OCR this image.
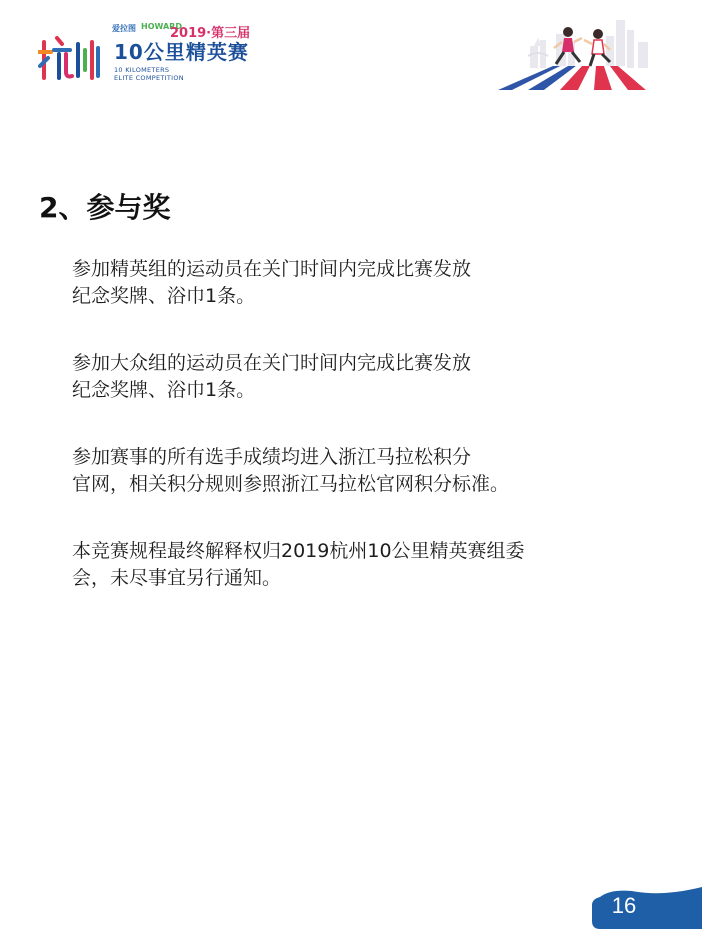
爱拉图 HOWARD
2019·第三届
10公里精英赛
10 KILOMETERS
ELITE COMPETITION
2、参与奖

参加精英组的运动员在关门时间内完成比赛发放
纪念奖牌、浴巾1条。

参加大众组的运动员在关门时间内完成比赛发放
纪念奖牌、浴巾1条。

参加赛事的所有选手成绩均进入浙江马拉松积分
官网，相关积分规则参照浙江马拉松官网积分标准。

本竞赛规程最终解释权归2019杭州10公里精英赛组委
会，未尽事宜另行通知。

16
